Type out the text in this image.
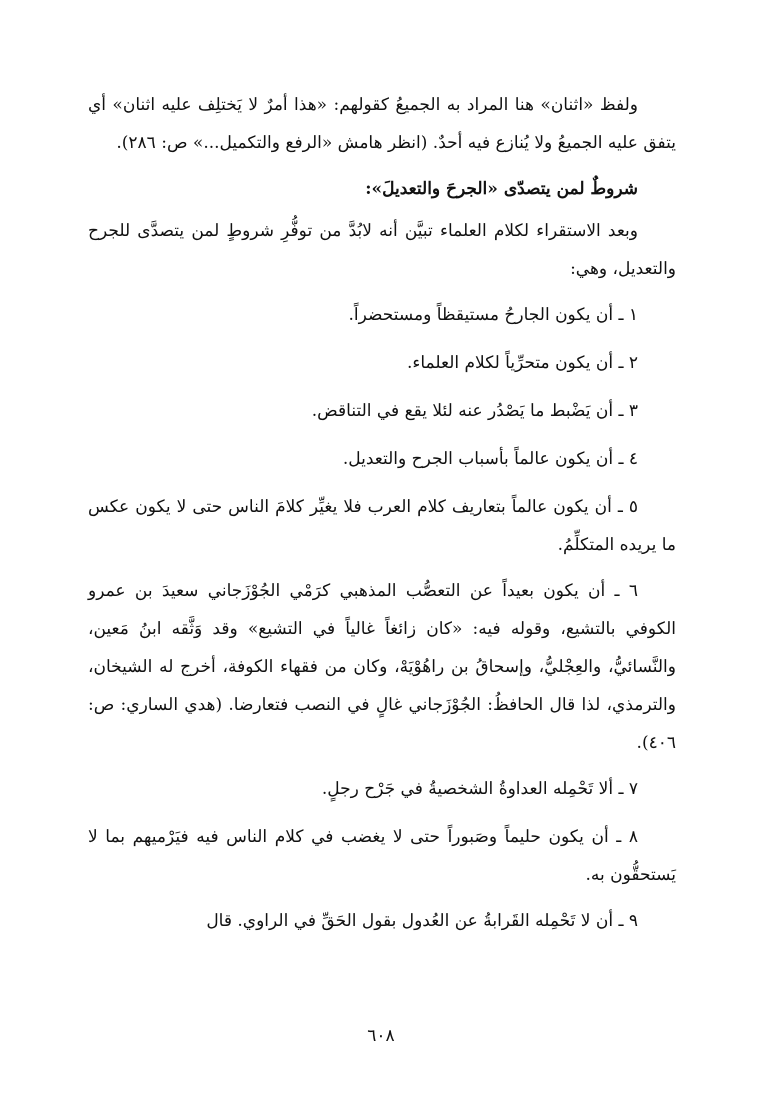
ولفظ «اثنان» هنا المراد به الجميعُ كقولهم: «هذا أمرٌ لا يَختلِف عليه اثنان» أي يتفق عليه الجميعُ ولا يُنازع فيه أحدٌ. (انظر هامش «الرفع والتكميل...» ص: ٢٨٦).

شروطٌ لمن يتصدّى «الجرحَ والتعديلَ»:

وبعد الاستقراء لكلام العلماء تبيَّن أنه لابُدَّ من توفُّرِ شروطٍ لمن يتصدَّى للجرح والتعديل، وهي:

١ ـ أن يكون الجارحُ مستيقظاً ومستحضراً.

٢ ـ أن يكون متحرِّياً لكلام العلماء.

٣ ـ أن يَضْبط ما يَصْدُر عنه لئلا يقع في التناقض.

٤ ـ أن يكون عالماً بأسباب الجرح والتعديل.

٥ ـ أن يكون عالماً بتعاريف كلام العرب فلا يغيِّر كلامَ الناس حتى لا يكون عكس ما يريده المتكلِّمُ.

٦ ـ أن يكون بعيداً عن التعصُّب المذهبي كرَمْي الجُوْزَجاني سعيدَ بن عمرو الكوفي بالتشيع، وقوله فيه: «كان زائغاً غالياً في التشيع» وقد وَثَّقه ابنُ مَعين، والنَّسائيُّ، والعِجْليُّ، وإسحاقُ بن راهُوْيَهْ، وكان من فقهاء الكوفة، أخرج له الشيخان، والترمذي، لذا قال الحافظُ: الجُوْزَجاني غالٍ في النصب فتعارضا. (هدي الساري: ص: ٤٠٦).

٧ ـ ألا تَحْمِله العداوةُ الشخصيةُ في جَرْح رجلٍ.

٨ ـ أن يكون حليماً وصَبوراً حتى لا يغضب في كلام الناس فيه فيَرْميهم بما لا يَستحقُّون به.

٩ ـ أن لا تَحْمِله القَرابةُ عن العُدول بقول الحَقِّ في الراوي. قال

٦٠٨
